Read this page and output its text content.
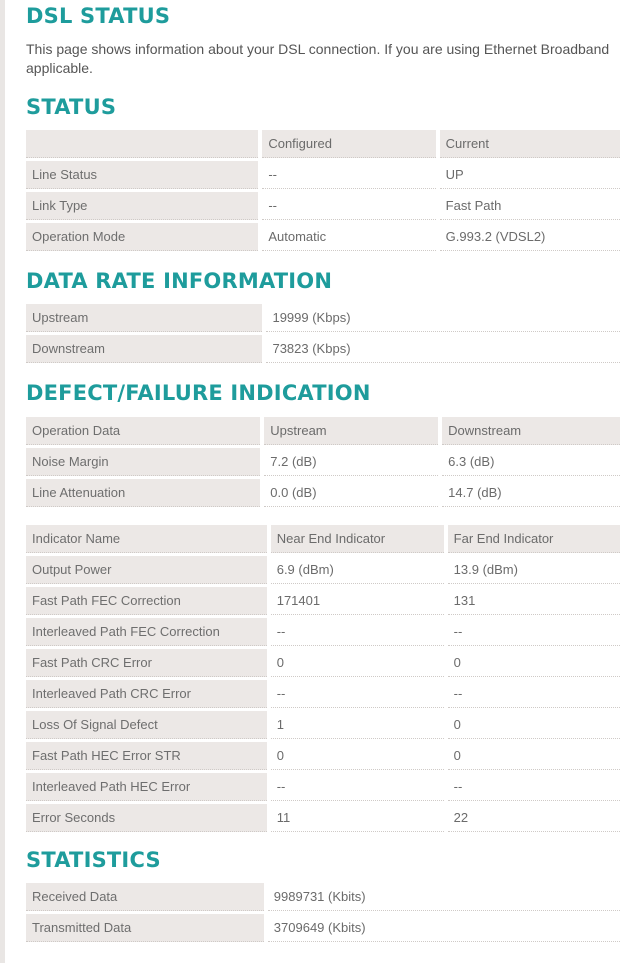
DSL STATUS
This page shows information about your DSL connection. If you are using Ethernet Broadband
applicable.
STATUS
	Configured	Current
Line Status	--	UP
Link Type	--	Fast Path
Operation Mode	Automatic	G.993.2 (VDSL2)
DATA RATE INFORMATION
Upstream	19999 (Kbps)
Downstream	73823 (Kbps)
DEFECT/FAILURE INDICATION
Operation Data	Upstream	Downstream
Noise Margin	7.2 (dB)	6.3 (dB)
Line Attenuation	0.0 (dB)	14.7 (dB)
Indicator Name	Near End Indicator	Far End Indicator
Output Power	6.9 (dBm)	13.9 (dBm)
Fast Path FEC Correction	171401	131
Interleaved Path FEC Correction	--	--
Fast Path CRC Error	0	0
Interleaved Path CRC Error	--	--
Loss Of Signal Defect	1	0
Fast Path HEC Error STR	0	0
Interleaved Path HEC Error	--	--
Error Seconds	11	22
STATISTICS
Received Data	9989731 (Kbits)
Transmitted Data	3709649 (Kbits)
